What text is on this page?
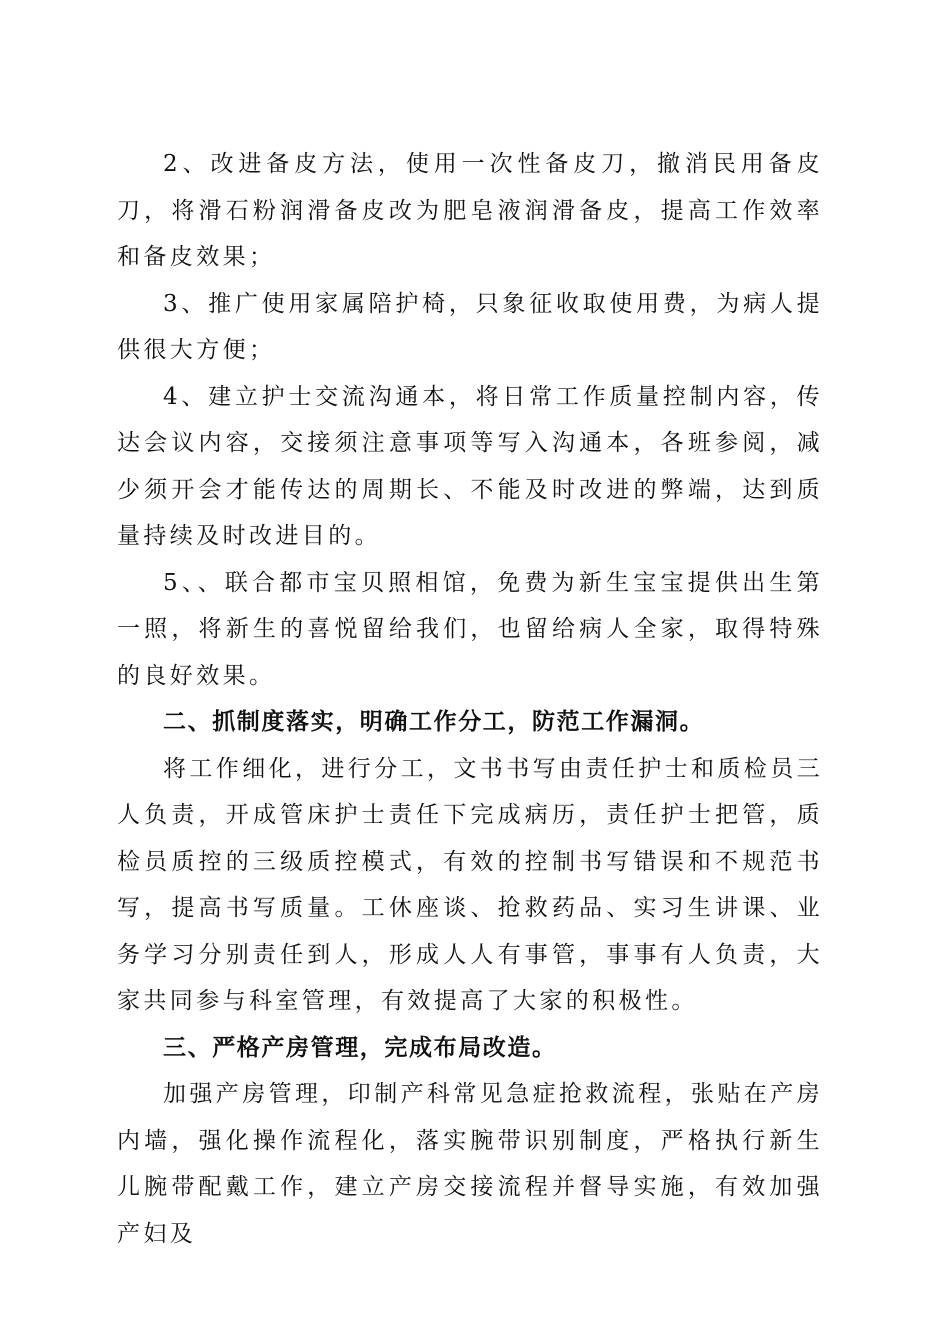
2、改进备皮方法，使用一次性备皮刀，撤消民用备皮刀，将滑石粉润滑备皮改为肥皂液润滑备皮，提高工作效率和备皮效果；

3、推广使用家属陪护椅，只象征收取使用费，为病人提供很大方便；

4、建立护士交流沟通本，将日常工作质量控制内容，传达会议内容，交接须注意事项等写入沟通本，各班参阅，减少须开会才能传达的周期长、不能及时改进的弊端，达到质量持续及时改进目的。

5、、联合都市宝贝照相馆，免费为新生宝宝提供出生第一照，将新生的喜悦留给我们，也留给病人全家，取得特殊的良好效果。

二、抓制度落实，明确工作分工，防范工作漏洞。

将工作细化，进行分工，文书书写由责任护士和质检员三人负责，开成管床护士责任下完成病历，责任护士把管，质检员质控的三级质控模式，有效的控制书写错误和不规范书写，提高书写质量。工休座谈、抢救药品、实习生讲课、业务学习分别责任到人，形成人人有事管，事事有人负责，大家共同参与科室管理，有效提高了大家的积极性。

三、严格产房管理，完成布局改造。

加强产房管理，印制产科常见急症抢救流程，张贴在产房内墙，强化操作流程化，落实腕带识别制度，严格执行新生儿腕带配戴工作，建立产房交接流程并督导实施，有效加强产妇及
